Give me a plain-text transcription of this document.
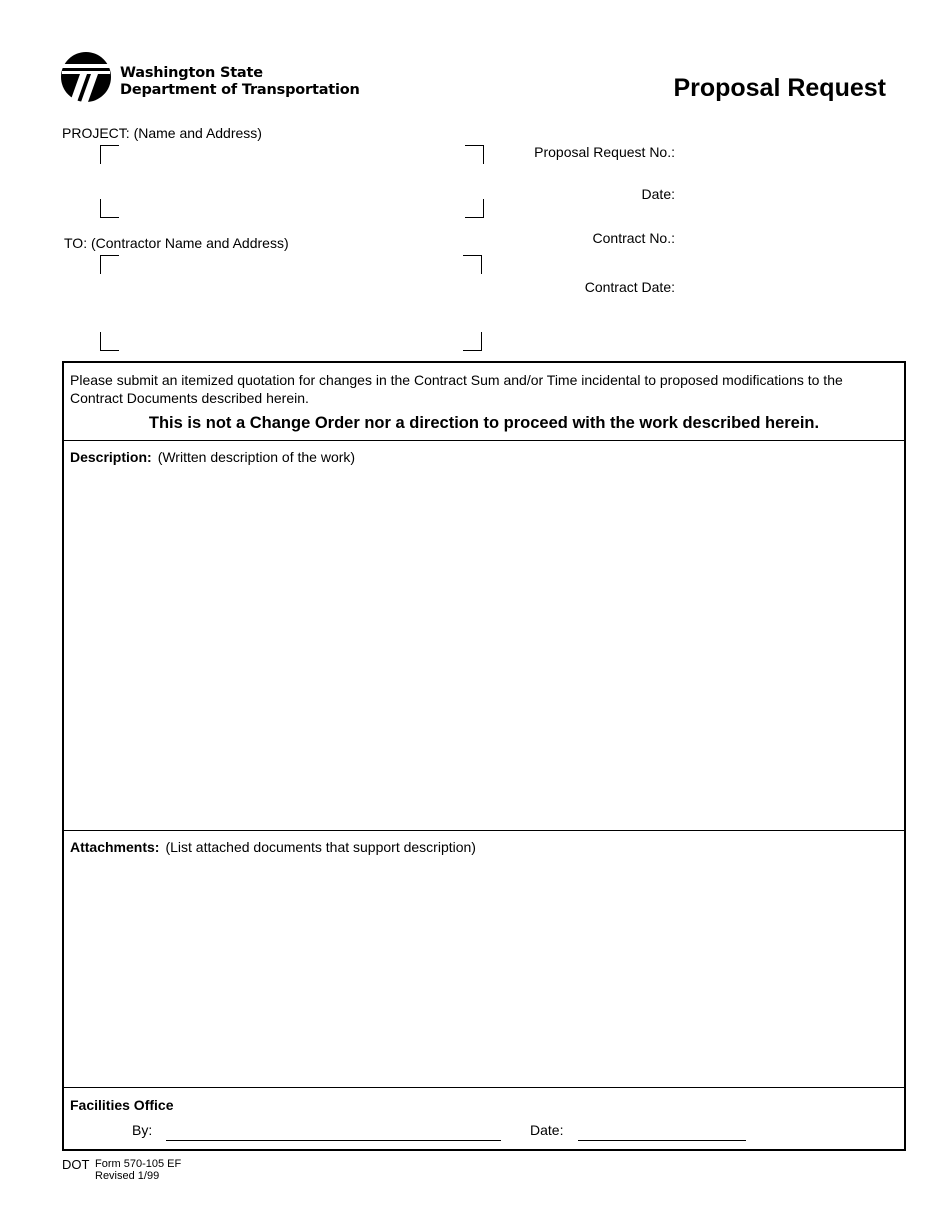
Washington State
Department of Transportation	Proposal Request
PROJECT: (Name and Address)
TO: (Contractor Name and Address)
Proposal Request No.:
Date:
Contract No.:
Contract Date:
Please submit an itemized quotation for changes in the Contract Sum and/or Time incidental to proposed modifications to the Contract Documents described herein.
This is not a Change Order nor a direction to proceed with the work described herein.
Description: (Written description of the work)
Attachments: (List attached documents that support description)
Facilities Office
By:	Date:
DOT Form 570-105 EF
Revised 1/99
